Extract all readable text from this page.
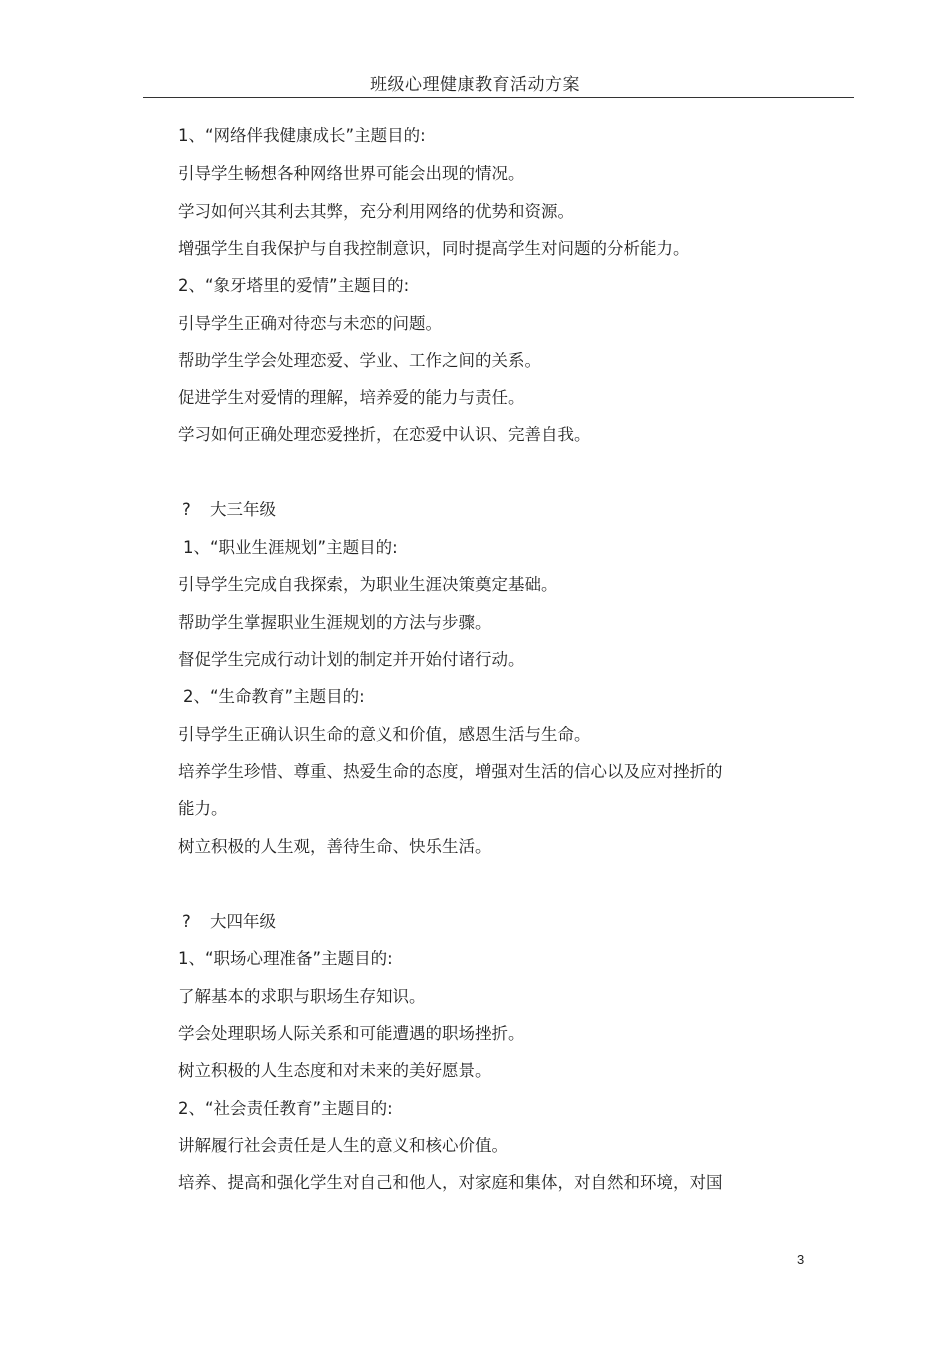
班级心理健康教育活动方案
1、“网络伴我健康成长”主题目的:
引导学生畅想各种网络世界可能会出现的情况。
学习如何兴其利去其弊，充分利用网络的优势和资源。
增强学生自我保护与自我控制意识，同时提高学生对问题的分析能力。
2、“象牙塔里的爱情”主题目的:
引导学生正确对待恋与未恋的问题。
帮助学生学会处理恋爱、学业、工作之间的关系。
促进学生对爱情的理解，培养爱的能力与责任。
学习如何正确处理恋爱挫折，在恋爱中认识、完善自我。
? 大三年级
1、“职业生涯规划”主题目的:
引导学生完成自我探索，为职业生涯决策奠定基础。
帮助学生掌握职业生涯规划的方法与步骤。
督促学生完成行动计划的制定并开始付诸行动。
2、“生命教育”主题目的:
引导学生正确认识生命的意义和价值，感恩生活与生命。
培养学生珍惜、尊重、热爱生命的态度，增强对生活的信心以及应对挫折的
能力。
树立积极的人生观，善待生命、快乐生活。
? 大四年级
1、“职场心理准备”主题目的:
了解基本的求职与职场生存知识。
学会处理职场人际关系和可能遭遇的职场挫折。
树立积极的人生态度和对未来的美好愿景。
2、“社会责任教育”主题目的:
讲解履行社会责任是人生的意义和核心价值。
培养、提高和强化学生对自己和他人，对家庭和集体，对自然和环境，对国
3
